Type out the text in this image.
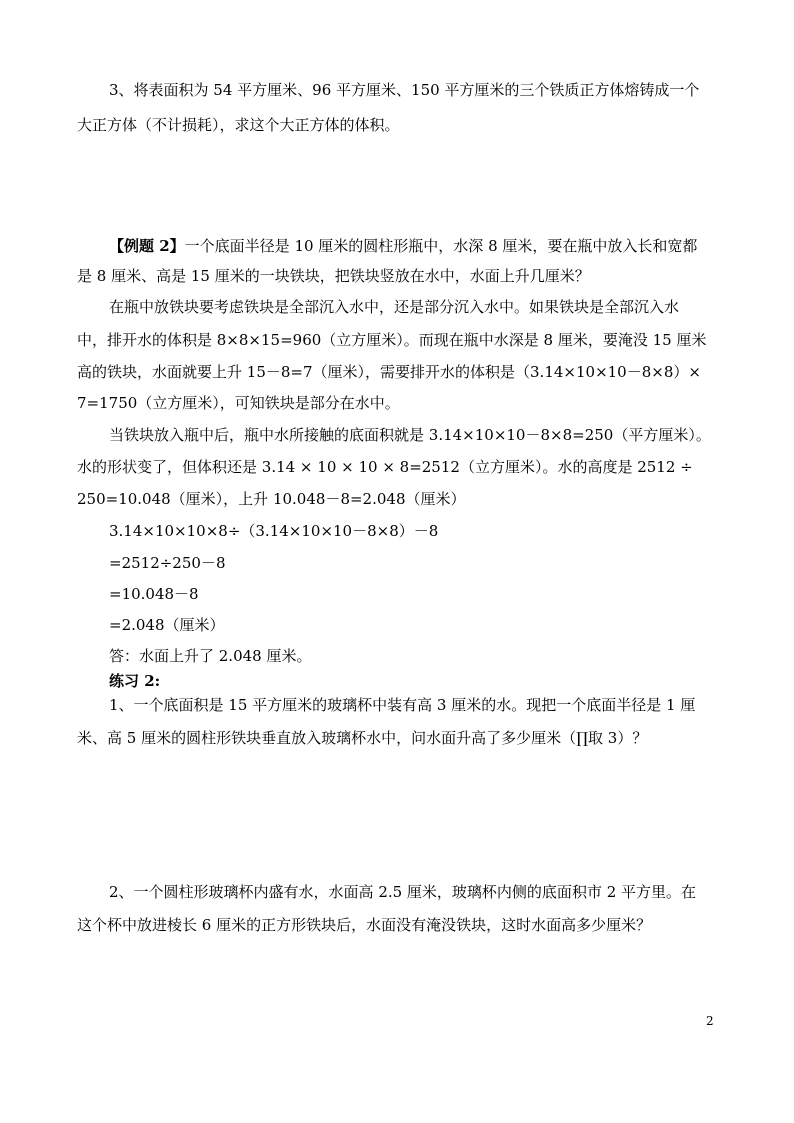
3、将表面积为 54 平方厘米、96 平方厘米、150 平方厘米的三个铁质正方体熔铸成一个
大正方体（不计损耗），求这个大正方体的体积。
【例题 2】一个底面半径是 10 厘米的圆柱形瓶中，水深 8 厘米，要在瓶中放入长和宽都
是 8 厘米、高是 15 厘米的一块铁块，把铁块竖放在水中，水面上升几厘米？
在瓶中放铁块要考虑铁块是全部沉入水中，还是部分沉入水中。如果铁块是全部沉入水
中，排开水的体积是 8×8×15=960（立方厘米）。而现在瓶中水深是 8 厘米，要淹没 15 厘米
高的铁块，水面就要上升 15－8=7（厘米），需要排开水的体积是（3.14×10×10－8×8）×
7=1750（立方厘米），可知铁块是部分在水中。
当铁块放入瓶中后，瓶中水所接触的底面积就是 3.14×10×10－8×8=250（平方厘米）。
水的形状变了，但体积还是 3.14 × 10 × 10 × 8=2512（立方厘米）。水的高度是 2512 ÷
250=10.048（厘米），上升 10.048－8=2.048（厘米）
3.14×10×10×8÷（3.14×10×10－8×8）－8
=2512÷250－8
=10.048－8
=2.048（厘米）
答：水面上升了 2.048 厘米。
练习 2:
1、一个底面积是 15 平方厘米的玻璃杯中装有高 3 厘米的水。现把一个底面半径是 1 厘
米、高 5 厘米的圆柱形铁块垂直放入玻璃杯水中，问水面升高了多少厘米（∏取 3）？
2、一个圆柱形玻璃杯内盛有水，水面高 2.5 厘米，玻璃杯内侧的底面积市 2 平方里。在
这个杯中放进棱长 6 厘米的正方形铁块后，水面没有淹没铁块，这时水面高多少厘米？
2
